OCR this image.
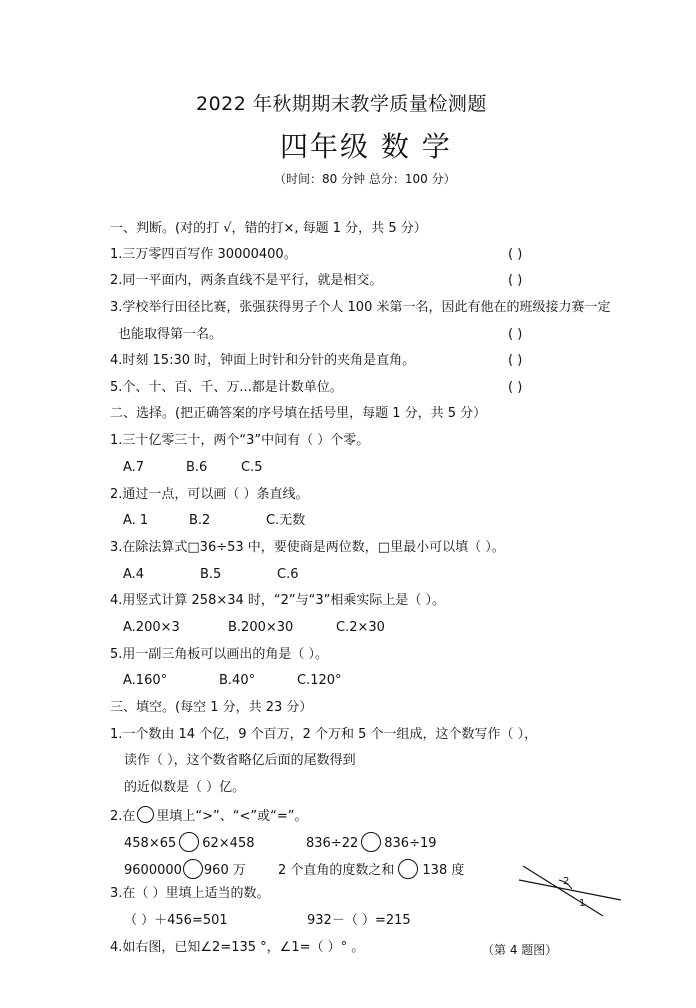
2022 年秋期期末教学质量检测题
四年级 数 学
（时间：80 分钟 总分：100 分）
一、判断。(对的打 √，错的打×, 每题 1 分，共 5 分）
1.三万零四百写作 30000400。	( )
2.同一平面内，两条直线不是平行，就是相交。	( )
3.学校举行田径比赛，张强获得男子个人 100 米第一名，因此有他在的班级接力赛一定
也能取得第一名。	( )
4.时刻 15:30 时，钟面上时针和分针的夹角是直角。	( )
5.个、十、百、千、万...都是计数单位。	( )
二、选择。(把正确答案的序号填在括号里，每题 1 分，共 5 分）
1.三十亿零三十，两个“3”中间有（ ）个零。
A.7	B.6	C.5
2.通过一点，可以画（ ）条直线。
A. 1	B.2	C.无数
3.在除法算式□36÷53 中，要使商是两位数，□里最小可以填（ ）。
A.4	B.5	C.6
4.用竖式计算 258×34 时，“2”与“3”相乘实际上是（ ）。
A.200×3	B.200×30	C.2×30
5.用一副三角板可以画出的角是（ ）。
A.160°	B.40°	C.120°
三、填空。(每空 1 分，共 23 分）
1.一个数由 14 个亿，9 个百万，2 个万和 5 个一组成，这个数写作（ ），
读作（ ），这个数省略亿后面的尾数得到
的近似数是（ ）亿。
2.在 里填上“>”、“<”或“=”。
458×65 62×458	836÷22 836÷19
9600000 960 万 2 个直角的度数之和 138 度
3.在（ ）里填上适当的数。
（ ）＋456=501	932－（ ）=215
4.如右图，已知∠2=135 °，∠1=（ ）° 。
2
1
（第 4 题图）
